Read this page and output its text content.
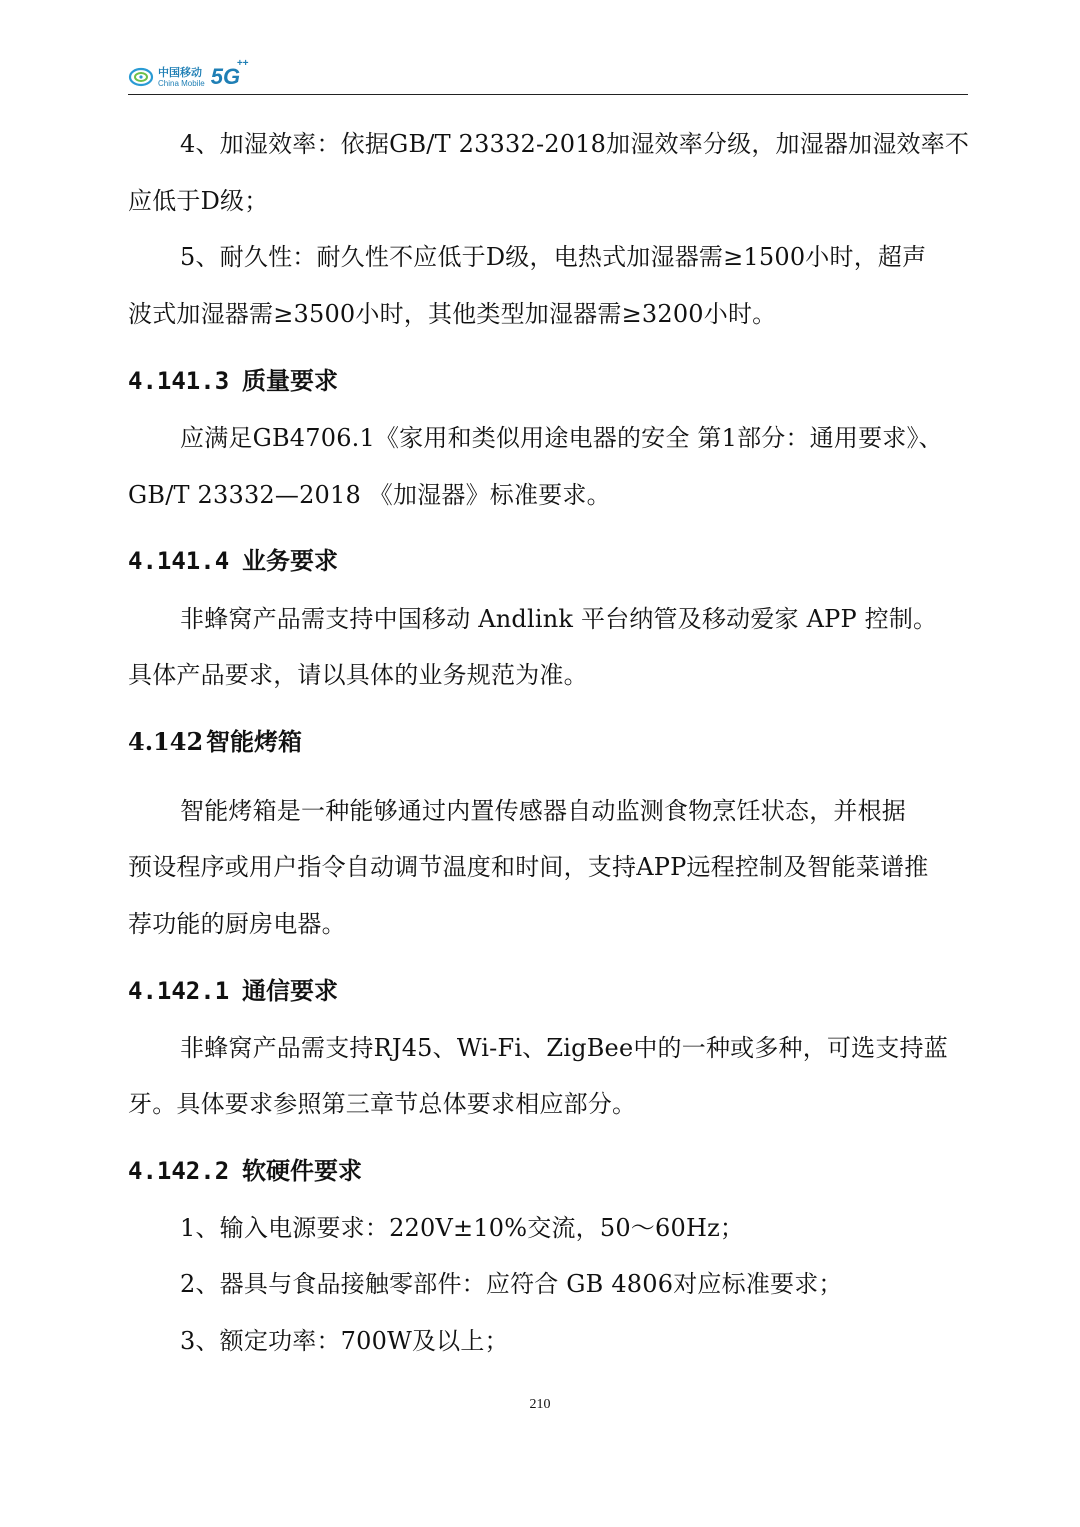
中国移动
China Mobile 5G
++
4、加湿效率：依据GB/T 23332-2018加湿效率分级，加湿器加湿效率不
应低于D级；
5、耐久性：耐久性不应低于D级，电热式加湿器需≥1500小时，超声
波式加湿器需≥3500小时，其他类型加湿器需≥3200小时。
4.141.3 质量要求
应满足GB4706.1《家用和类似用途电器的安全 第1部分：通用要求》、
GB/T 23332—2018 《加湿器》标准要求。
4.141.4 业务要求
非蜂窝产品需支持中国移动 Andlink 平台纳管及移动爱家 APP 控制。
具体产品要求，请以具体的业务规范为准。
4.142 智能烤箱
智能烤箱是一种能够通过内置传感器自动监测食物烹饪状态，并根据
预设程序或用户指令自动调节温度和时间，支持APP远程控制及智能菜谱推
荐功能的厨房电器。
4.142.1 通信要求
非蜂窝产品需支持RJ45、Wi-Fi、ZigBee中的一种或多种，可选支持蓝
牙。具体要求参照第三章节总体要求相应部分。
4.142.2 软硬件要求
1、输入电源要求：220V±10%交流，50～60Hz；
2、器具与食品接触零部件：应符合 GB 4806对应标准要求；
3、额定功率：700W及以上；
210
